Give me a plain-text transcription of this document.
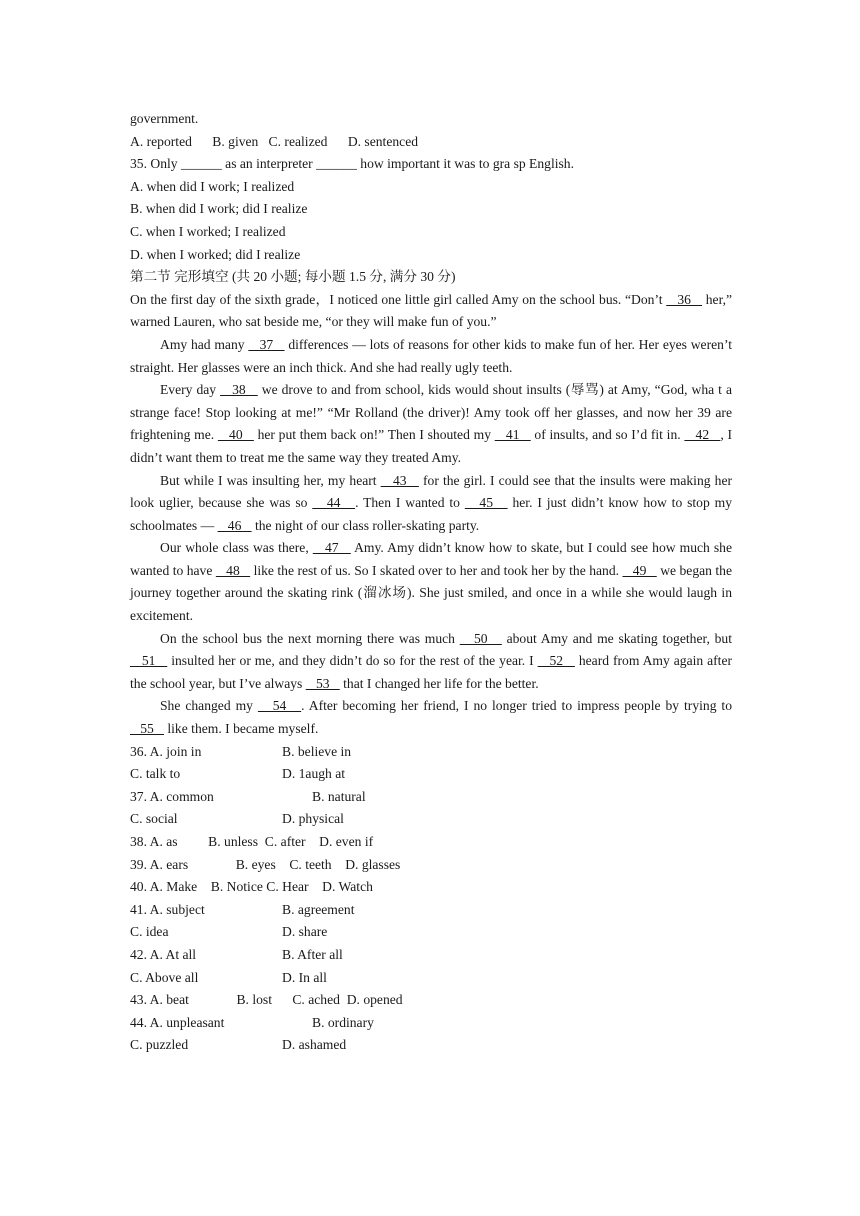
government.
A. reported      B. given   C. realized      D. sentenced
35. Only ______ as an interpreter ______ how important it was to gra sp English.
A. when did I work; I realized
B. when did I work; did I realize
C. when I worked; I realized
D. when I worked; did I realize
第二节 完形填空 (共 20 小题; 每小题 1.5 分, 满分 30 分)
On the first day of the sixth grade，I noticed one little girl called Amy on the school bus. “Don’t    36    her,” warned Lauren, who sat beside me, “or they will make fun of you.”
Amy had many    37    differences — lots of reasons for other kids to make fun of her. Her eyes weren’t straight. Her glasses were an inch thick. And she had really ugly teeth.
Every day    38    we drove to and from school, kids would shout insults (辱骂) at Amy, “God, wha t a strange face! Stop looking at me!” “Mr Rolland (the driver)! Amy took off her glasses, and now her 39 are frightening me.    40    her put them back on!” Then I shouted my    41    of insults, and so I’d fit in.    42   , I didn’t want them to treat me the same way they treated Amy.
But while I was insulting her, my heart    43    for the girl. I could see that the insults were making her look uglier, because she was so    44   . Then I wanted to    45    her. I just didn’t know how to stop my schoolmates —    46    the night of our class roller-skating party.
Our whole class was there,    47    Amy. Amy didn’t know how to skate, but I could see how much she wanted to have    48    like the rest of us. So I skated over to her and took her by the hand.    49    we began the journey together around the skating rink (溜冰场). She just smiled, and once in a while she would laugh in excitement.
On the school bus the next morning there was much    50    about Amy and me skating together, but    51    insulted her or me, and they didn’t do so for the rest of the year. I    52    heard from Amy again after the school year, but I’ve always    53    that I changed her life for the better.
She changed my    54   . After becoming her friend, I no longer tried to impress people by trying to    55    like them. I became myself.
36. A. join in	B. believe in
C. talk to	D. 1augh at
37. A. common	B. natural
C. social	D. physical
38. A. as         B. unless  C. after    D. even if
39. A. ears              B. eyes    C. teeth    D. glasses
40. A. Make    B. Notice C. Hear    D. Watch
41. A. subject	B. agreement
C. idea	D. share
42. A. At all	B. After all
C. Above all	D. In all
43. A. beat              B. lost      C. ached  D. opened
44. A. unpleasant	B. ordinary
C. puzzled	D. ashamed
